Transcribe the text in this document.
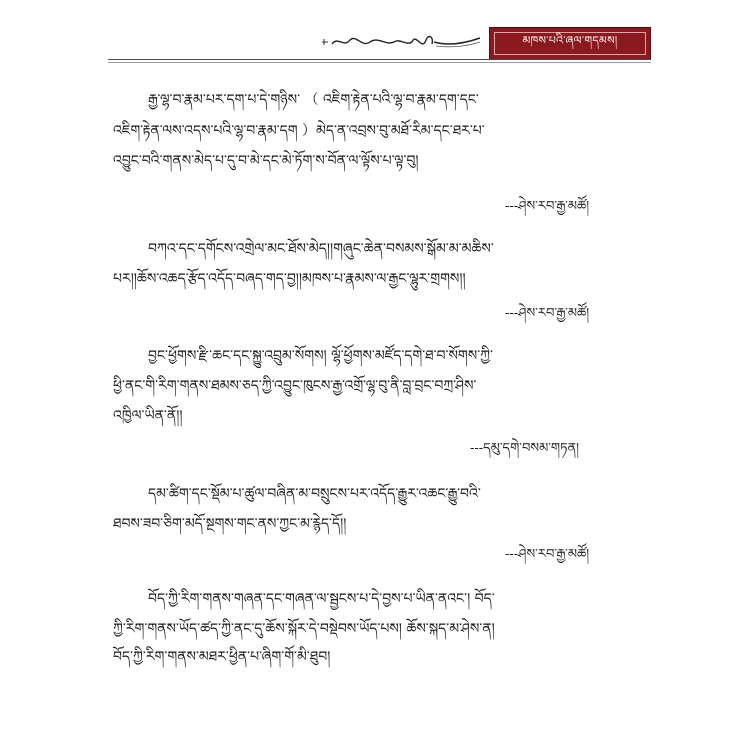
མཁས་པའི་ཞལ་གདམས།
རྒྱ་ལྷ་བ་རྣམ་པར་དག་པ་དེ་གཉིས་ （ འཇིག་རྟེན་པའི་ལྷ་བ་རྣམ་དག་དང་
འཇིག་རྟེན་ལས་འདས་པའི་ལྷ་བ་རྣམ་དག ）མེད་ན་འབྲས་བུ་མཐོ་རིམ་དང་ཐར་པ་
འབྱུང་བའི་གནས་མེད་པ་དུ་བ་མེ་དང་མེ་ཏོག་ས་བོན་ལ་ལྟོས་པ་ལྟ་བུ།
---ཤེས་རབ་རྒྱ་མཚོ།
བཀའ་དང་དགོངས་འགྲེལ་མང་ཐོས་མེད།།གཞུང་ཆེན་བསམས་སྒོམ་མ་མཆིས་
པར།།ཆོས་འཆད་རྩོད་འདོད་བཞད་གད་བྱ།།མཁས་པ་རྣམས་ལ་རྒྱང་ལྷུར་གྲགས།།
---ཤེས་རབ་རྒྱ་མཚོ།
བྱང་ཕྱོགས་རྫི་ཆང་དང་སྐྱུ་འབྲུམ་སོགས། ལྷོ་ཕྱོགས་མཛོད་དགེ་ཐ་བ་སོགས་ཀྱི་
ཕྱི་ནང་གི་རིག་གནས་ཐམས་ཅད་ཀྱི་འབྱུང་ཁུངས་རྒྱ་འགྲོ་ལྷ་བུ་ནི་བླ་བྲང་བཀྲ་ཤིས་
འཁྱིལ་ཡིན་ནོ།།
---དམུ་དགེ་བསམ་གཏན།
དམ་ཚིག་དང་སྡོམ་པ་ཚུལ་བཞིན་མ་བསྲུངས་པར་འདོད་རྒྱུར་འཆང་རྒྱུ་བའི་
ཐབས་ཟབ་ཅིག་མདོ་སྔགས་གང་ནས་ཀྱང་མ་རྙེད་དོ།།
---ཤེས་རབ་རྒྱ་མཚོ།
བོད་ཀྱི་རིག་གནས་གཞན་དང་གཞན་ལ་སྦྱངས་པ་དེ་བྱས་པ་ཡིན་ནའང་། བོད་
ཀྱི་རིག་གནས་ཡོད་ཚད་ཀྱི་ནང་དུ་ཆོས་སྐོར་དེ་བསྡེབས་ཡོད་པས། ཆོས་སྐད་མ་ཤེས་ན།
བོད་ཀྱི་རིག་གནས་མཐར་ཕྱིན་པ་ཞིག་གོ་མི་ཐུབ།
